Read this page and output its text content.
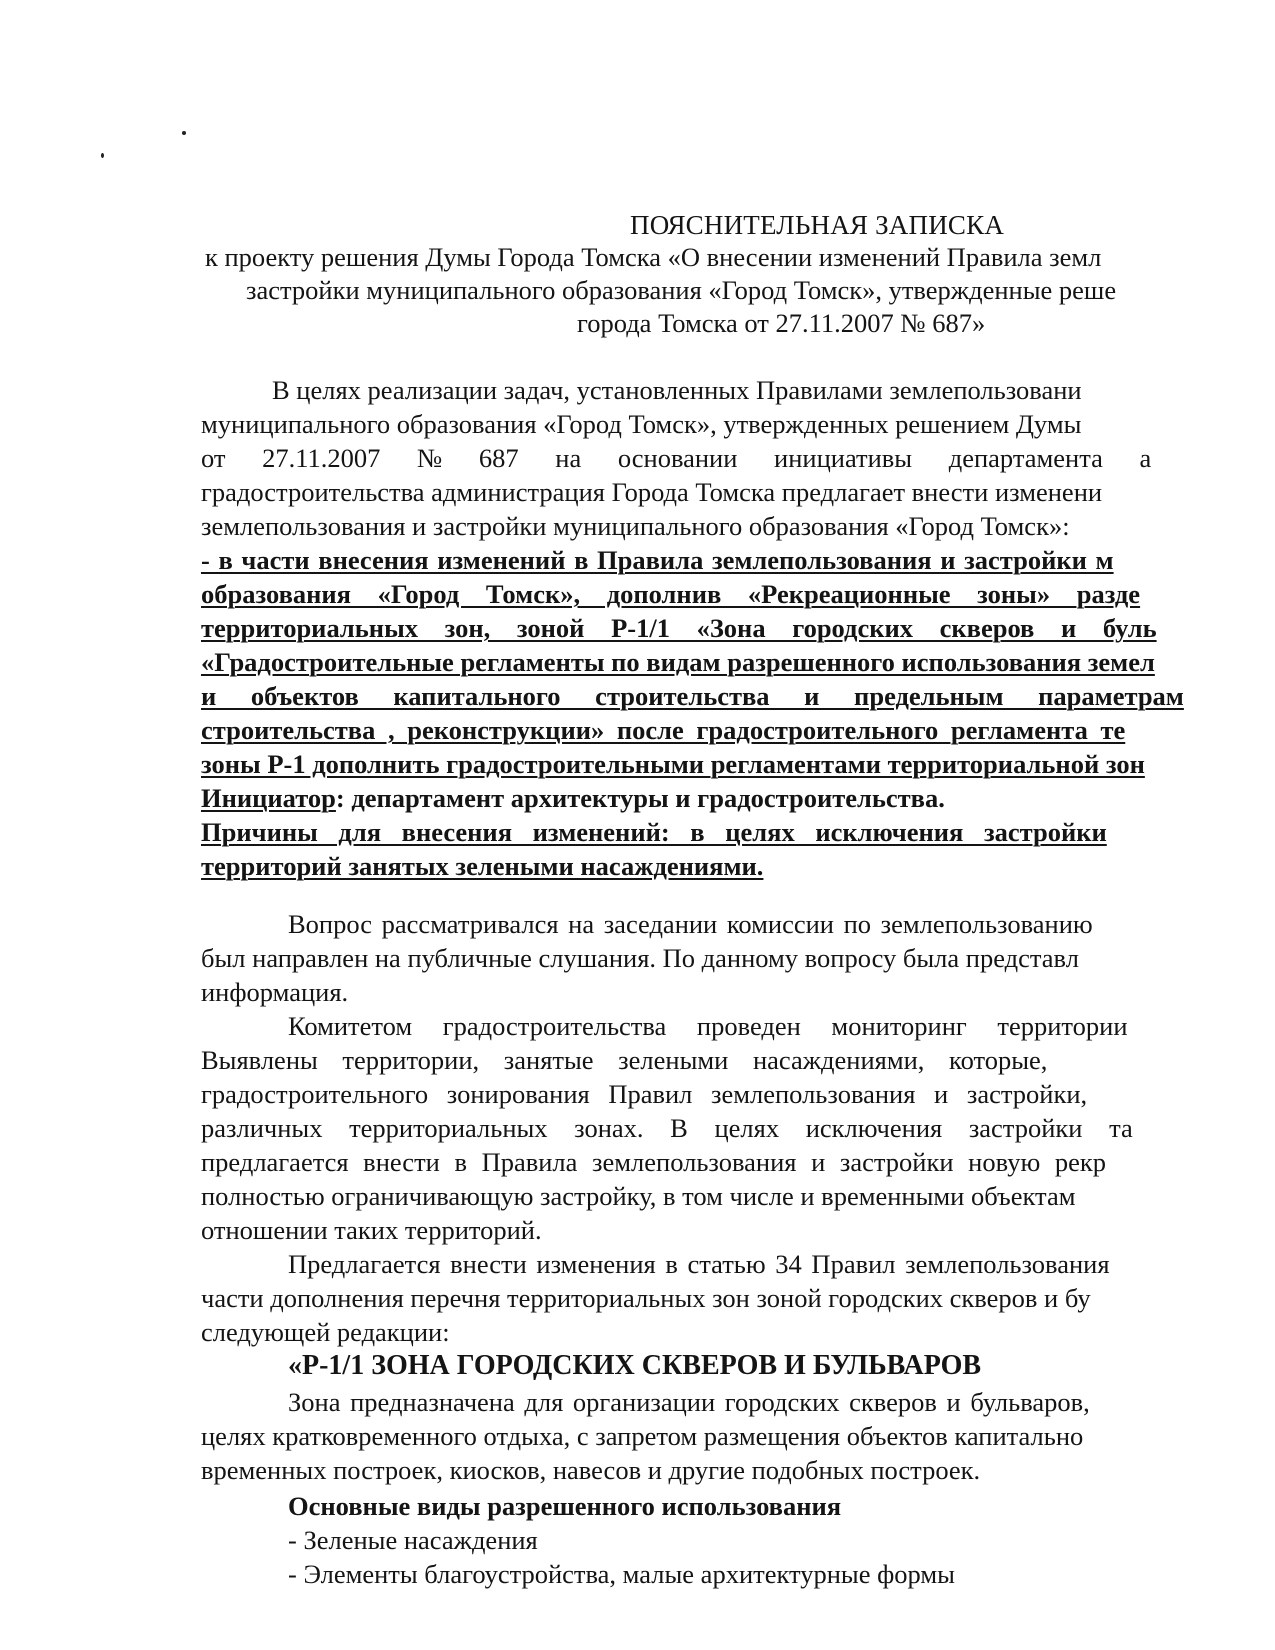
ПОЯСНИТЕЛЬНАЯ ЗАПИСКА
к проекту решения Думы Города Томска «О внесении изменений Правила земл
застройки муниципального образования «Город Томск», утвержденные реше
города Томска от 27.11.2007 № 687»
В целях реализации задач, установленных Правилами землепользовани
муниципального образования «Город Томск», утвержденных решением Думы
от 27.11.2007 № 687 на основании инициативы департамента а
градостроительства администрация Города Томска предлагает внести изменени
землепользования и застройки муниципального образования «Город Томск»:
- в части внесения изменений в Правила землепользования и застройки м
образования «Город Томск», дополнив «Рекреационные зоны» разде
территориальных зон, зоной Р-1/1 «Зона городских скверов и буль
«Градостроительные регламенты по видам разрешенного использования земел
и объектов капитального строительства и предельным параметрам
строительства , реконструкции» после градостроительного регламента те
зоны Р-1 дополнить градостроительными регламентами территориальной зон
Инициатор: департамент архитектуры и градостроительства.
Причины для внесения изменений: в целях исключения застройки
территорий занятых зелеными насаждениями.
Вопрос рассматривался на заседании комиссии по землепользованию
был направлен на публичные слушания. По данному вопросу была представл
информация.
Комитетом градостроительства проведен мониторинг территории
Выявлены территории, занятые зелеными насаждениями, которые,
градостроительного зонирования Правил землепользования и застройки,
различных территориальных зонах. В целях исключения застройки та
предлагается внести в Правила землепользования и застройки новую рекр
полностью ограничивающую застройку, в том числе и временными объектам
отношении таких территорий.
Предлагается внести изменения в статью 34 Правил землепользования
части дополнения перечня территориальных зон зоной городских скверов и бу
следующей редакции:
«Р-1/1 ЗОНА ГОРОДСКИХ СКВЕРОВ И БУЛЬВАРОВ
Зона предназначена для организации городских скверов и бульваров,
целях кратковременного отдыха, с запретом размещения объектов капитально
временных построек, киосков, навесов и другие подобных построек.
Основные виды разрешенного использования
- Зеленые насаждения
- Элементы благоустройства, малые архитектурные формы
